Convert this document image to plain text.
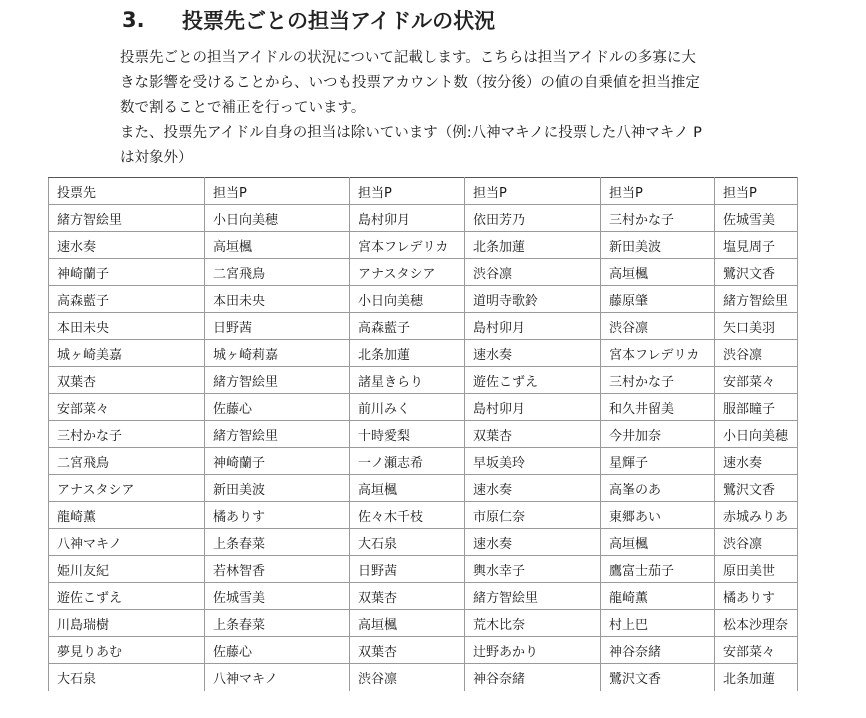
3.	投票先ごとの担当アイドルの状況

投票先ごとの担当アイドルの状況について記載します。こちらは担当アイドルの多寡に大
きな影響を受けることから、いつも投票アカウント数（按分後）の値の自乗値を担当推定
数で割ることで補正を行っています。

また、投票先アイドル自身の担当は除いています（例:八神マキノに投票した八神マキノ P
は対象外）

投票先	担当P	担当P	担当P	担当P	担当P
緒方智絵里	小日向美穂	島村卯月	依田芳乃	三村かな子	佐城雪美
速水奏	高垣楓	宮本フレデリカ	北条加蓮	新田美波	塩見周子
神崎蘭子	二宮飛鳥	アナスタシア	渋谷凛	高垣楓	鷺沢文香
高森藍子	本田未央	小日向美穂	道明寺歌鈴	藤原肇	緒方智絵里
本田未央	日野茜	高森藍子	島村卯月	渋谷凛	矢口美羽
城ヶ崎美嘉	城ヶ崎莉嘉	北条加蓮	速水奏	宮本フレデリカ	渋谷凛
双葉杏	緒方智絵里	諸星きらり	遊佐こずえ	三村かな子	安部菜々
安部菜々	佐藤心	前川みく	島村卯月	和久井留美	服部瞳子
三村かな子	緒方智絵里	十時愛梨	双葉杏	今井加奈	小日向美穂
二宮飛鳥	神崎蘭子	一ノ瀬志希	早坂美玲	星輝子	速水奏
アナスタシア	新田美波	高垣楓	速水奏	高峯のあ	鷺沢文香
龍崎薫	橘ありす	佐々木千枝	市原仁奈	東郷あい	赤城みりあ
八神マキノ	上条春菜	大石泉	速水奏	高垣楓	渋谷凛
姫川友紀	若林智香	日野茜	輿水幸子	鷹富士茄子	原田美世
遊佐こずえ	佐城雪美	双葉杏	緒方智絵里	龍崎薫	橘ありす
川島瑞樹	上条春菜	高垣楓	荒木比奈	村上巴	松本沙理奈
夢見りあむ	佐藤心	双葉杏	辻野あかり	神谷奈緒	安部菜々
大石泉	八神マキノ	渋谷凛	神谷奈緒	鷺沢文香	北条加蓮
